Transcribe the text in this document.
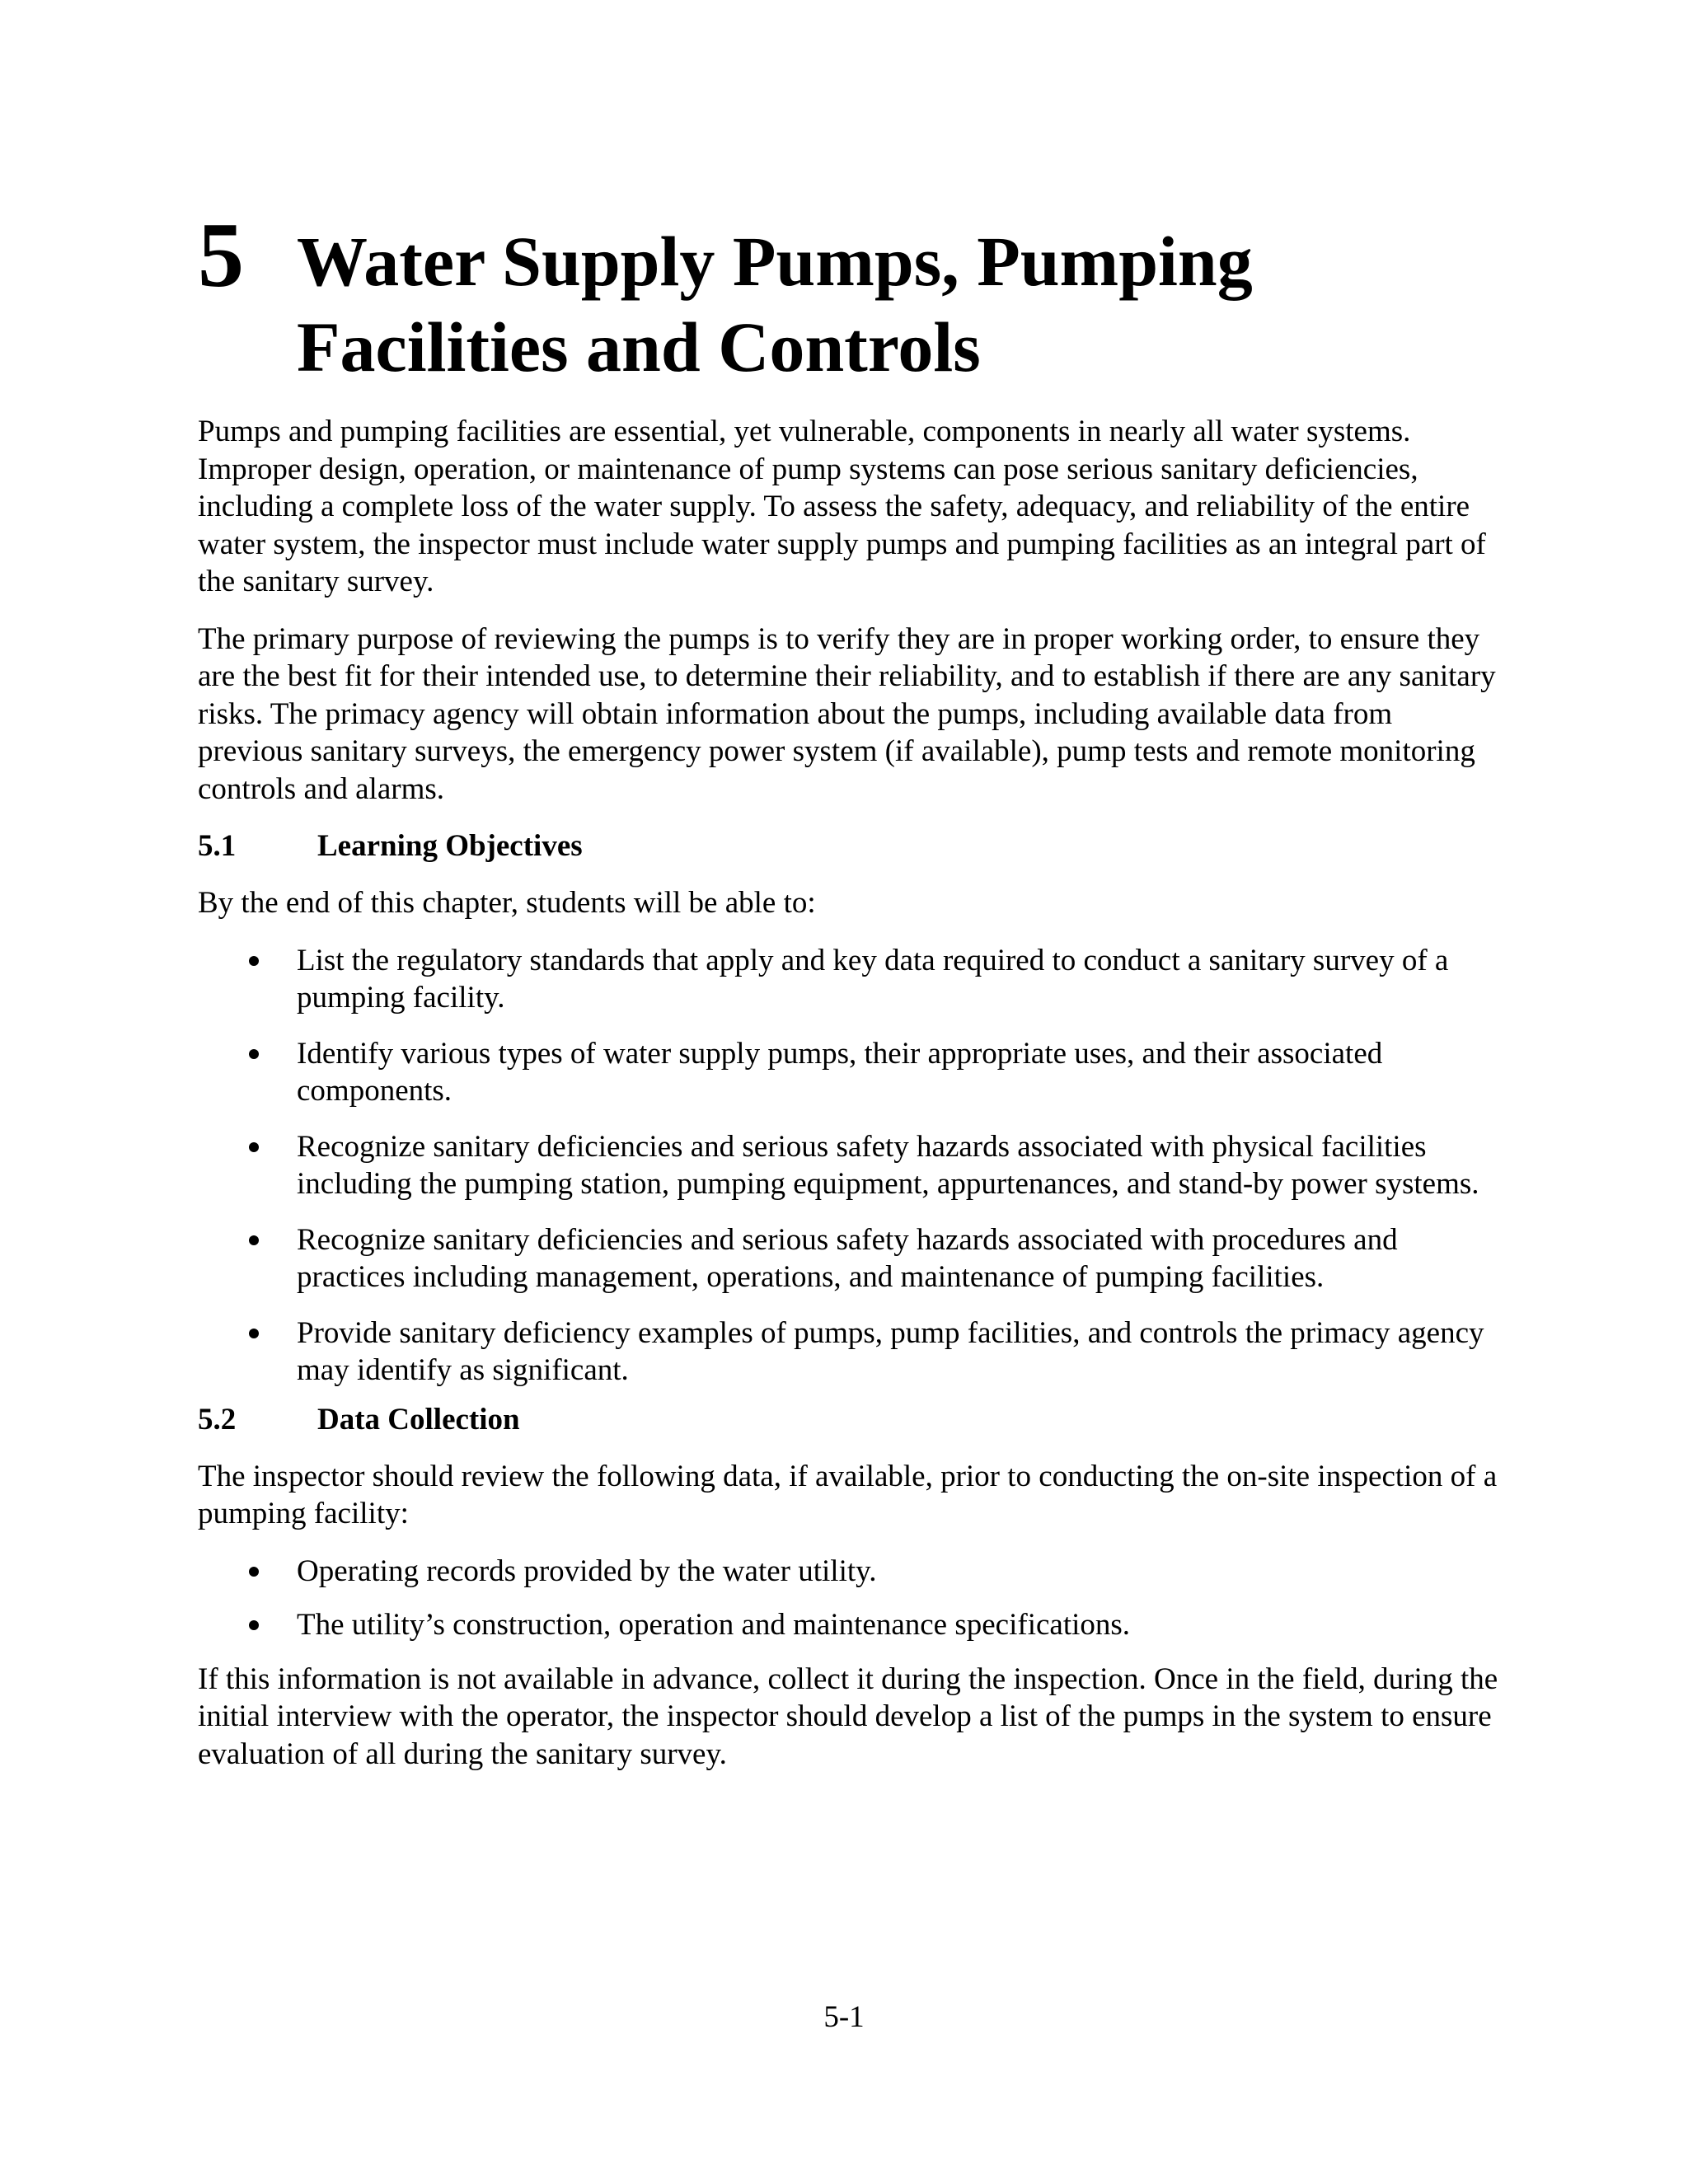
5 Water Supply Pumps, Pumping
Facilities and Controls

Pumps and pumping facilities are essential, yet vulnerable, components in nearly all water systems. Improper design, operation, or maintenance of pump systems can pose serious sanitary deficiencies, including a complete loss of the water supply. To assess the safety, adequacy, and reliability of the entire water system, the inspector must include water supply pumps and pumping facilities as an integral part of the sanitary survey.

The primary purpose of reviewing the pumps is to verify they are in proper working order, to ensure they are the best fit for their intended use, to determine their reliability, and to establish if there are any sanitary risks. The primacy agency will obtain information about the pumps, including available data from previous sanitary surveys, the emergency power system (if available), pump tests and remote monitoring controls and alarms.

5.1	Learning Objectives

By the end of this chapter, students will be able to:

List the regulatory standards that apply and key data required to conduct a sanitary survey of a pumping facility.
Identify various types of water supply pumps, their appropriate uses, and their associated components.
Recognize sanitary deficiencies and serious safety hazards associated with physical facilities including the pumping station, pumping equipment, appurtenances, and stand-by power systems.
Recognize sanitary deficiencies and serious safety hazards associated with procedures and practices including management, operations, and maintenance of pumping facilities.
Provide sanitary deficiency examples of pumps, pump facilities, and controls the primacy agency may identify as significant.
5.2	Data Collection

The inspector should review the following data, if available, prior to conducting the on-site inspection of a pumping facility:

Operating records provided by the water utility.
The utility’s construction, operation and maintenance specifications.

If this information is not available in advance, collect it during the inspection. Once in the field, during the initial interview with the operator, the inspector should develop a list of the pumps in the system to ensure evaluation of all during the sanitary survey.

5-1
